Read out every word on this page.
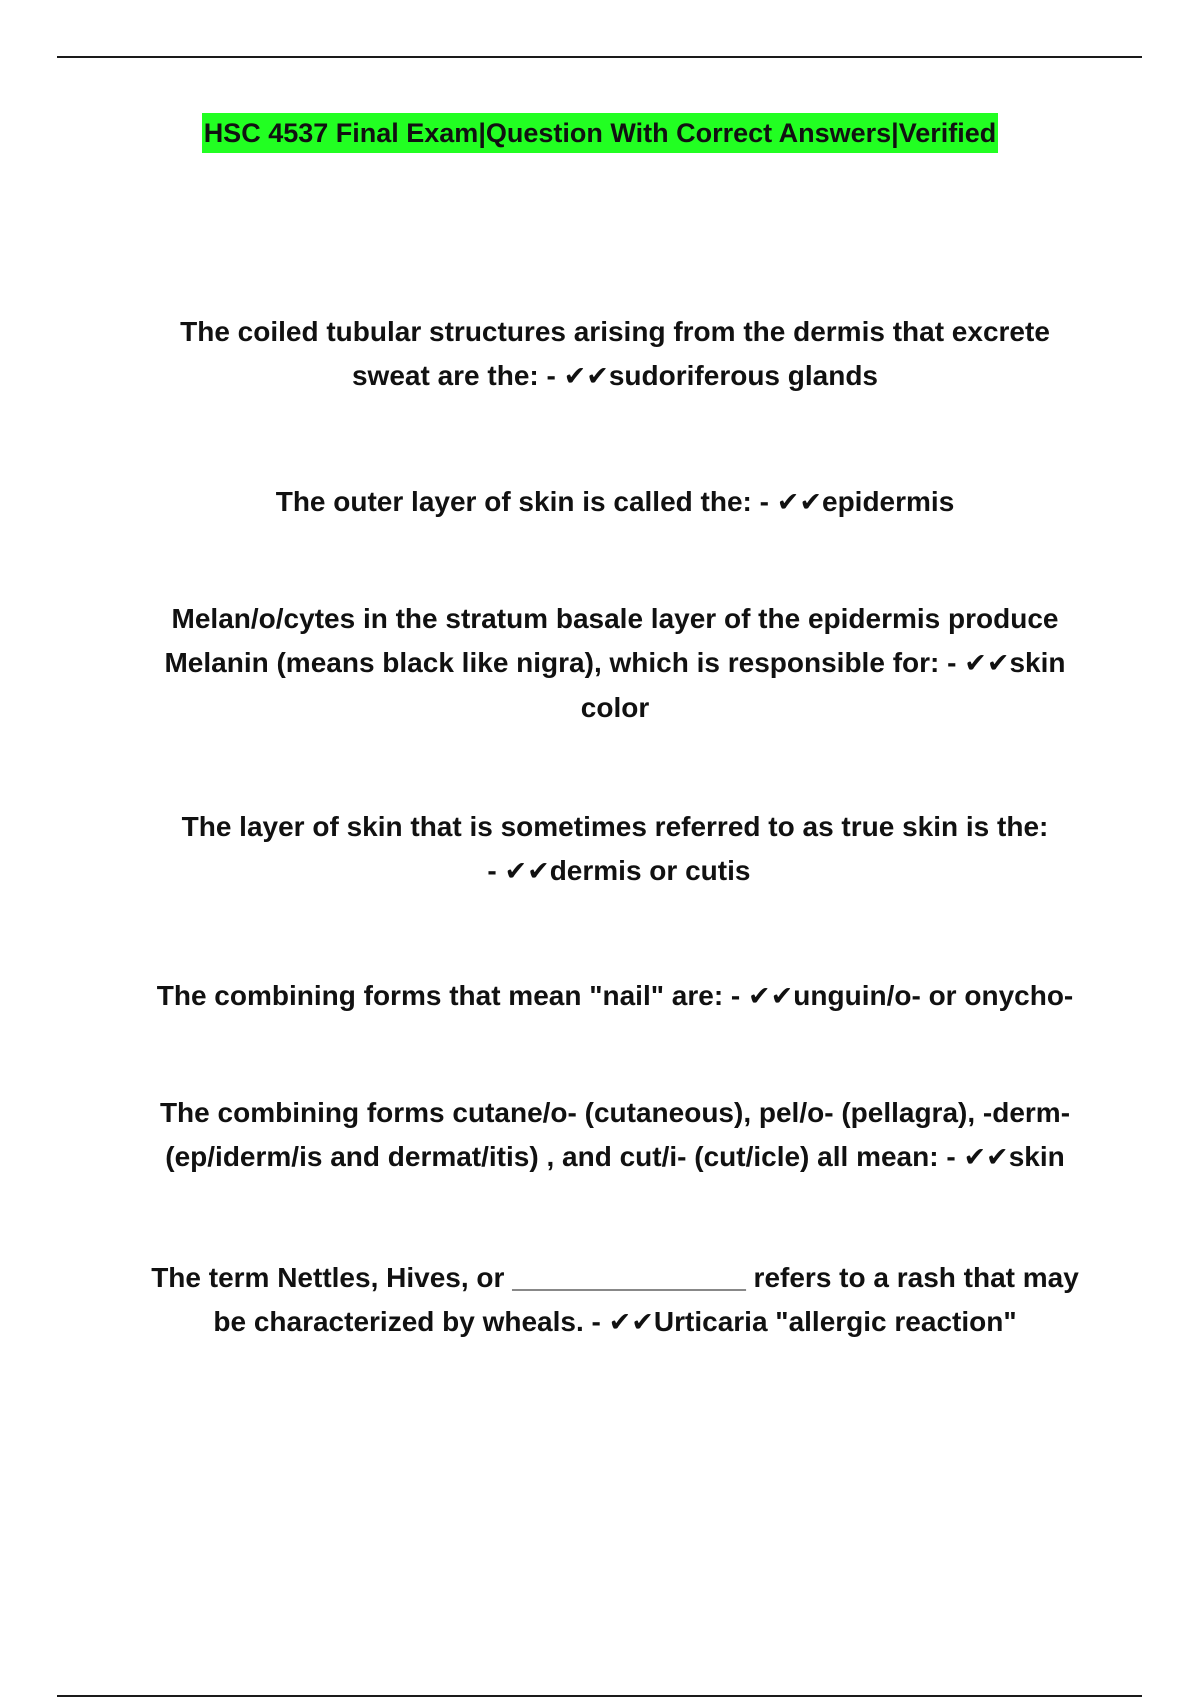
HSC 4537 Final Exam|Question With Correct Answers|Verified
The coiled tubular structures arising from the dermis that excrete sweat are the: - ✔✔sudoriferous glands
The outer layer of skin is called the: - ✔✔epidermis
Melan/o/cytes in the stratum basale layer of the epidermis produce Melanin (means black like nigra), which is responsible for: - ✔✔skin color
The layer of skin that is sometimes referred to as true skin is the: - ✔✔dermis or cutis
The combining forms that mean "nail" are: - ✔✔unguin/o- or onycho-
The combining forms cutane/o- (cutaneous), pel/o- (pellagra), -derm- (ep/iderm/is and dermat/itis) , and cut/i- (cut/icle) all mean: - ✔✔skin
The term Nettles, Hives, or _______________ refers to a rash that may be characterized by wheals. - ✔✔Urticaria "allergic reaction"
